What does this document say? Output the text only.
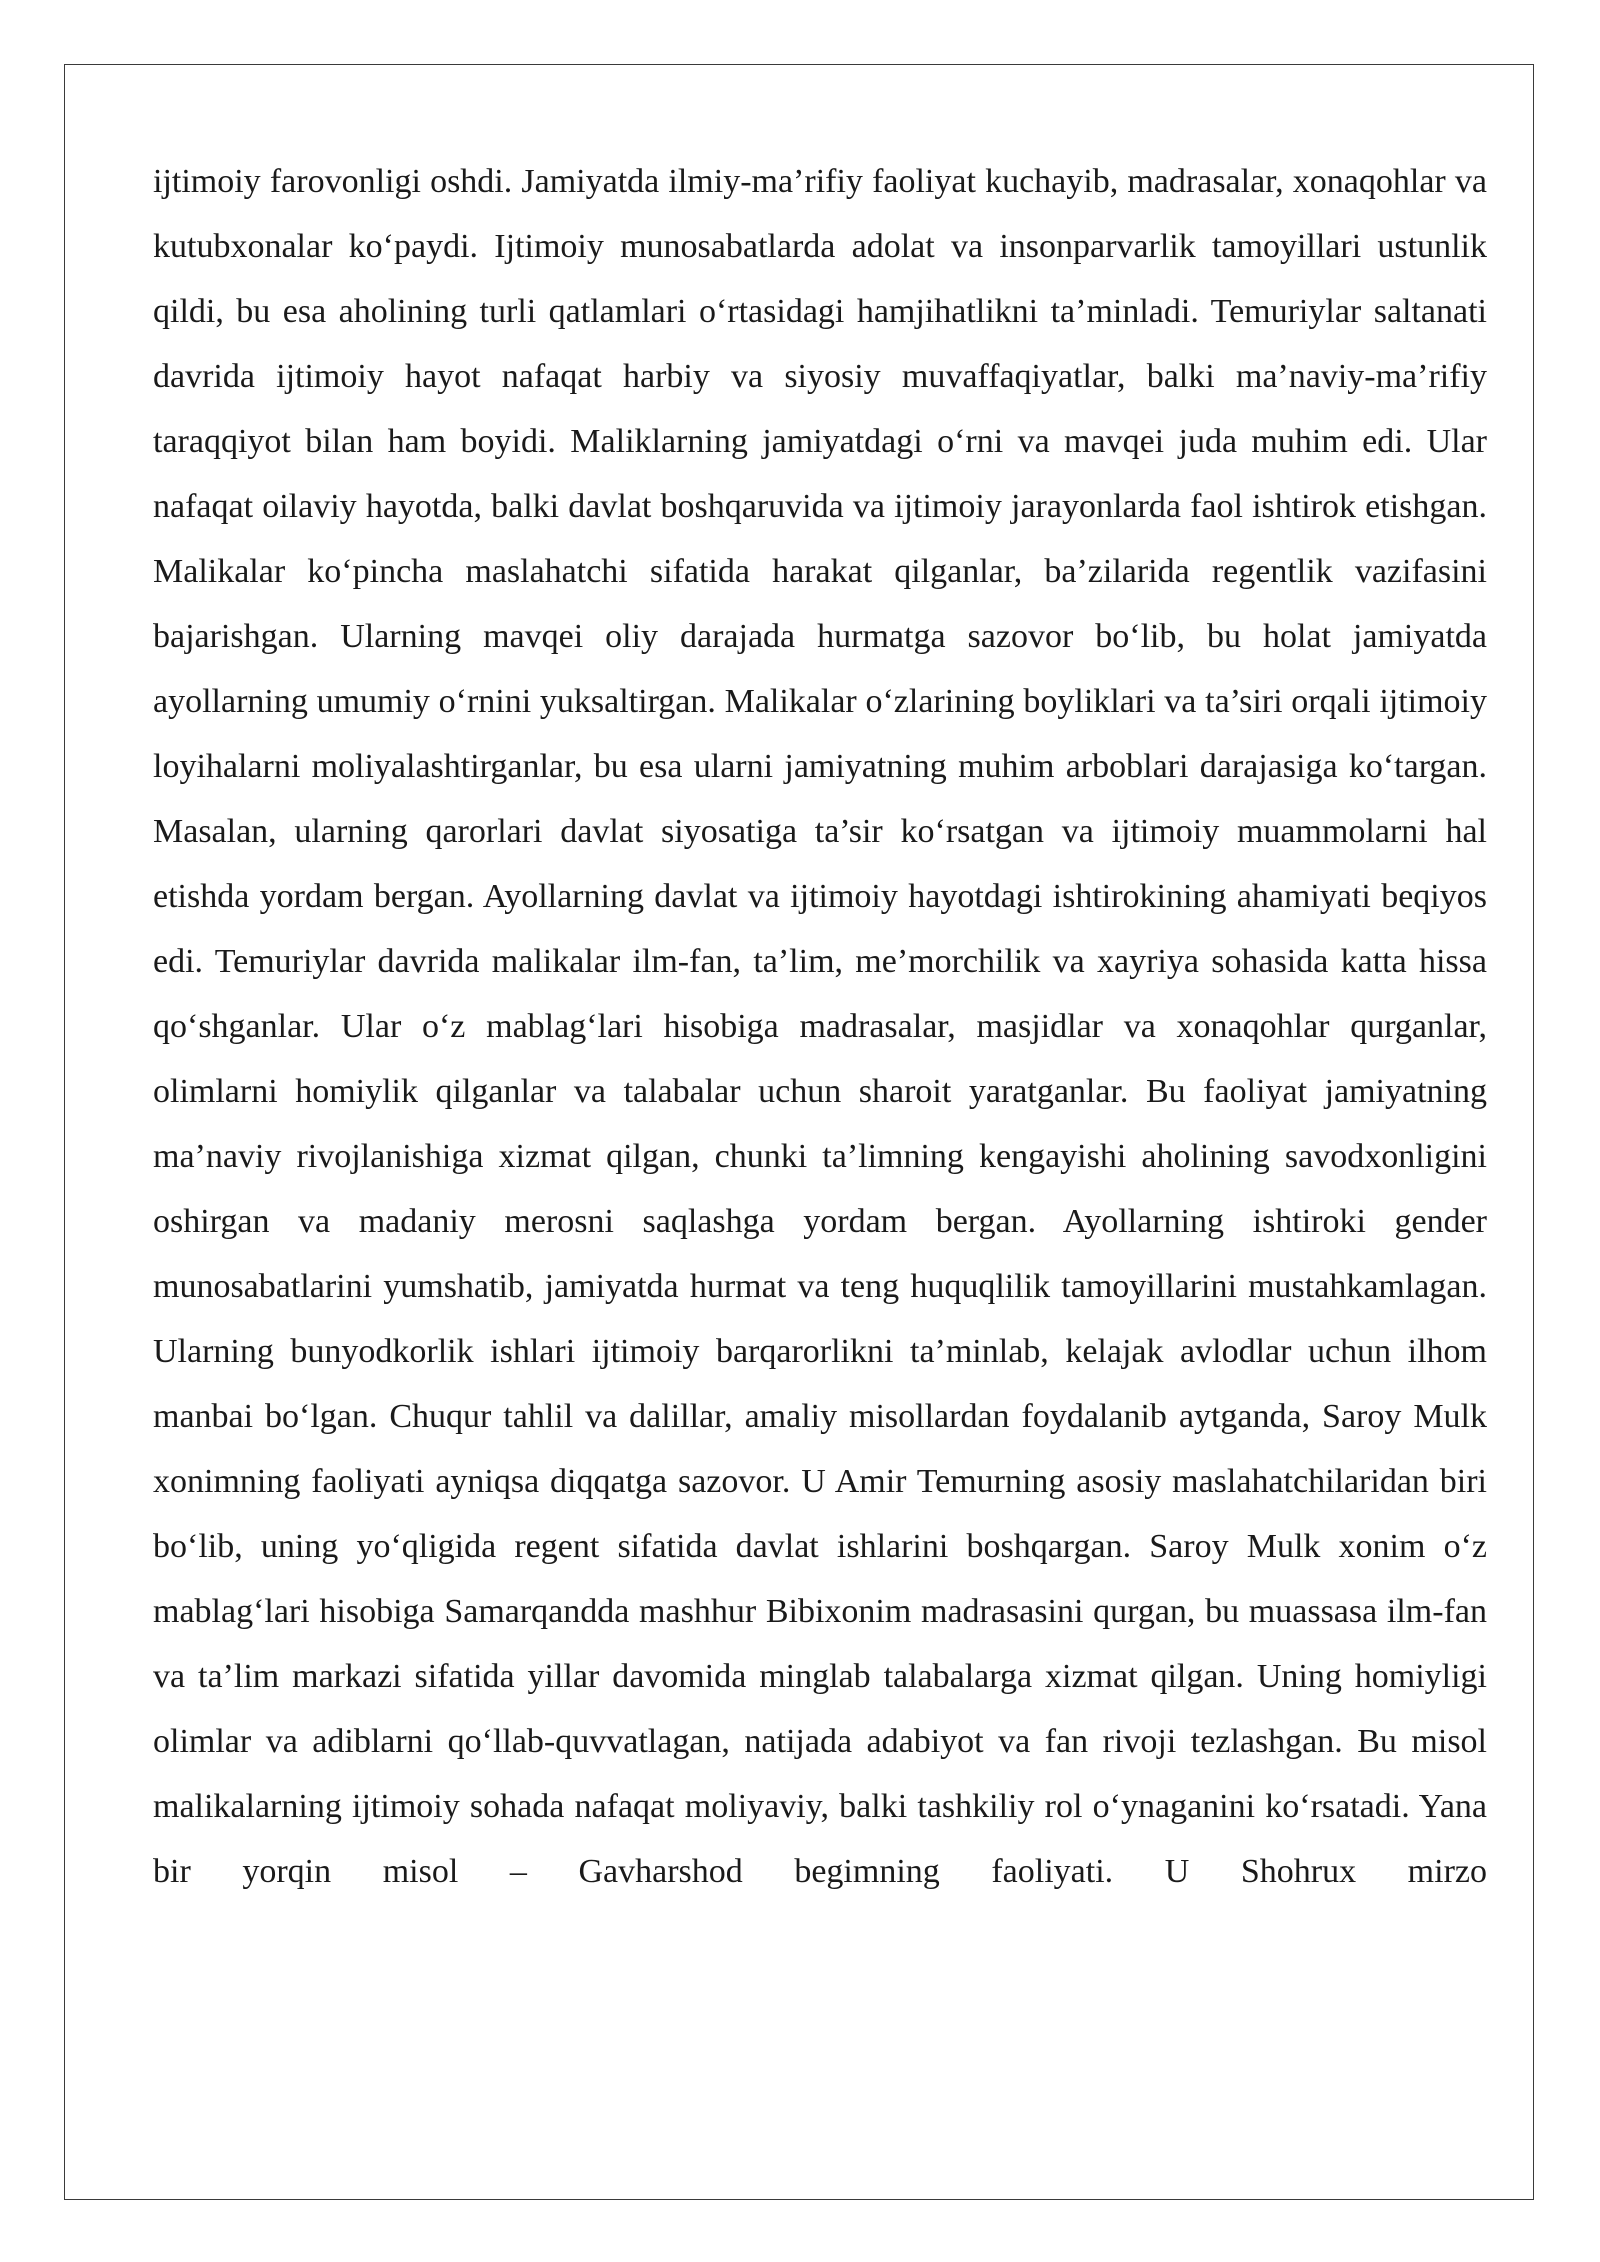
ijtimoiy farovonligi oshdi. Jamiyatda ilmiy-ma’rifiy faoliyat kuchayib, madrasalar, xonaqohlar va kutubxonalar ko‘paydi. Ijtimoiy munosabatlarda adolat va insonparvarlik tamoyillari ustunlik qildi, bu esa aholining turli qatlamlari o‘rtasidagi hamjihatlikni ta’minladi. Temuriylar saltanati davrida ijtimoiy hayot nafaqat harbiy va siyosiy muvaffaqiyatlar, balki ma’naviy-ma’rifiy taraqqiyot bilan ham boyidi. Maliklarning jamiyatdagi o‘rni va mavqei juda muhim edi. Ular nafaqat oilaviy hayotda, balki davlat boshqaruvida va ijtimoiy jarayonlarda faol ishtirok etishgan. Malikalar ko‘pincha maslahatchi sifatida harakat qilganlar, ba’zilarida regentlik vazifasini bajarishgan. Ularning mavqei oliy darajada hurmatga sazovor bo‘lib, bu holat jamiyatda ayollarning umumiy o‘rnini yuksaltirgan. Malikalar o‘zlarining boyliklari va ta’siri orqali ijtimoiy loyihalarni moliyalashtirganlar, bu esa ularni jamiyatning muhim arboblari darajasiga ko‘targan. Masalan, ularning qarorlari davlat siyosatiga ta’sir ko‘rsatgan va ijtimoiy muammolarni hal etishda yordam bergan. Ayollarning davlat va ijtimoiy hayotdagi ishtirokining ahamiyati beqiyos edi. Temuriylar davrida malikalar ilm-fan, ta’lim, me’morchilik va xayriya sohasida katta hissa qo‘shganlar. Ular o‘z mablag‘lari hisobiga madrasalar, masjidlar va xonaqohlar qurganlar, olimlarni homiylik qilganlar va talabalar uchun sharoit yaratganlar. Bu faoliyat jamiyatning ma’naviy rivojlanishiga xizmat qilgan, chunki ta’limning kengayishi aholining savodxonligini oshirgan va madaniy merosni saqlashga yordam bergan. Ayollarning ishtiroki gender munosabatlarini yumshatib, jamiyatda hurmat va teng huquqlilik tamoyillarini mustahkamlagan. Ularning bunyodkorlik ishlari ijtimoiy barqarorlikni ta’minlab, kelajak avlodlar uchun ilhom manbai bo‘lgan. Chuqur tahlil va dalillar, amaliy misollardan foydalanib aytganda, Saroy Mulk xonimning faoliyati ayniqsa diqqatga sazovor. U Amir Temurning asosiy maslahatchilaridan biri bo‘lib, uning yo‘qligida regent sifatida davlat ishlarini boshqargan. Saroy Mulk xonim o‘z mablag‘lari hisobiga Samarqandda mashhur Bibixonim madrasasini qurgan, bu muassasa ilm-fan va ta’lim markazi sifatida yillar davomida minglab talabalarga xizmat qilgan. Uning homiyligi olimlar va adiblarni qo‘llab-quvvatlagan, natijada adabiyot va fan rivoji tezlashgan. Bu misol malikalarning ijtimoiy sohada nafaqat moliyaviy, balki tashkiliy rol o‘ynaganini ko‘rsatadi. Yana bir yorqin misol – Gavharshod begimning faoliyati. U Shohrux mirzo
